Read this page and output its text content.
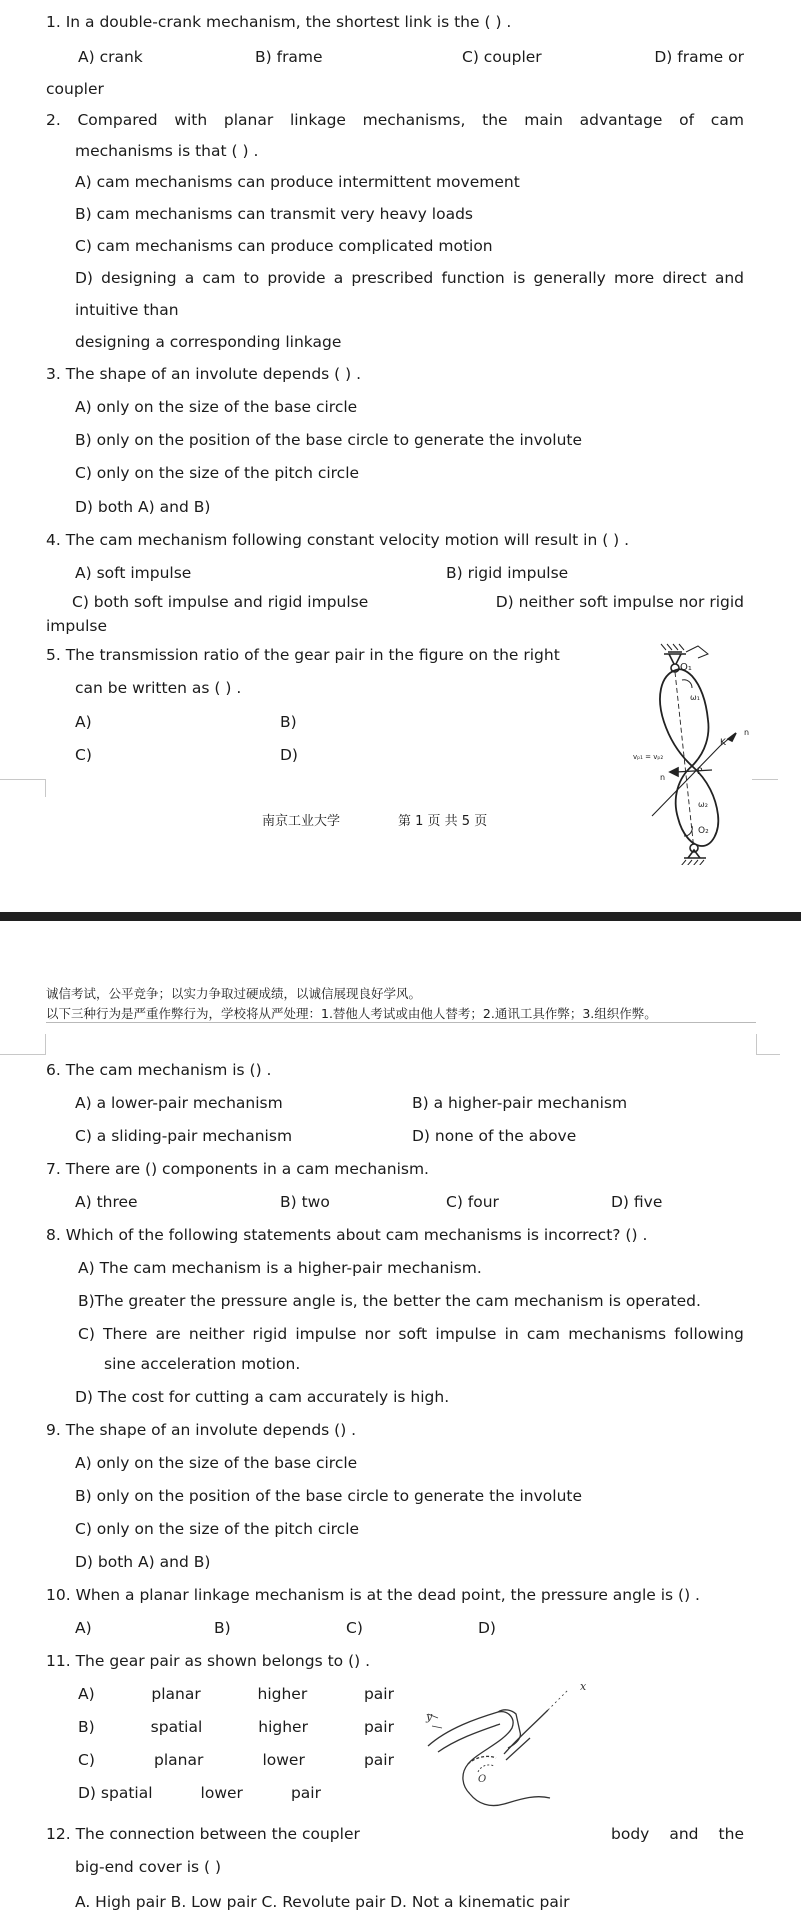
1. In a double-crank mechanism, the shortest link is the ( ) .
A) crank	B) frame	C) coupler	D) frame or
coupler
2. Compared with planar linkage mechanisms, the main advantage of cam
mechanisms is that ( ) .
A) cam mechanisms can produce intermittent movement
B) cam mechanisms can transmit very heavy loads
C) cam mechanisms can produce complicated motion
D) designing a cam to provide a prescribed function is generally more direct and
intuitive than
designing a corresponding linkage
3. The shape of an involute depends ( ) .
A) only on the size of the base circle
B) only on the position of the base circle to generate the involute
C) only on the size of the pitch circle
D) both A) and B)
4. The cam mechanism following constant velocity motion will result in ( ) .
A) soft impulse	B) rigid impulse
C) both soft impulse and rigid impulse	D) neither soft impulse nor rigid
impulse
5. The transmission ratio of the gear pair in the figure on the right
can be written as ( ) .
A)	B)
C)	D)
O₁
ω₁
K
n
vₚ₁ = vₚ₂
n
P
ω₂
O₂
南京工业大学	第 1 页 共 5 页
诚信考试，公平竞争；以实力争取过硬成绩，以诚信展现良好学风。
以下三种行为是严重作弊行为，学校将从严处理：1.替他人考试或由他人替考；2.通讯工具作弊；3.组织作弊。
6. The cam mechanism is () .
A) a lower-pair mechanism	B) a higher-pair mechanism
C) a sliding-pair mechanism	D) none of the above
7. There are () components in a cam mechanism.
A) three	B) two	C) four	D) five
8. Which of the following statements about cam mechanisms is incorrect? () .
A) The cam mechanism is a higher-pair mechanism.
B)The greater the pressure angle is, the better the cam mechanism is operated.
C) There are neither rigid impulse nor soft impulse in cam mechanisms following
sine acceleration motion.
D) The cost for cutting a cam accurately is high.
9. The shape of an involute depends () .
A) only on the size of the base circle
B) only on the position of the base circle to generate the involute
C) only on the size of the pitch circle
D) both A) and B)
10. When a planar linkage mechanism is at the dead point, the pressure angle is () .
A)	B)	C)	D)
11. The gear pair as shown belongs to () .
A)	planar	higher	pair
B)	spatial	higher	pair
C)	planar	lower	pair
D) spatial	lower	pair
x
y
O
12. The connection between the coupler	body and the
big-end cover is ( )
A. High pair B. Low pair C. Revolute pair D. Not a kinematic pair
